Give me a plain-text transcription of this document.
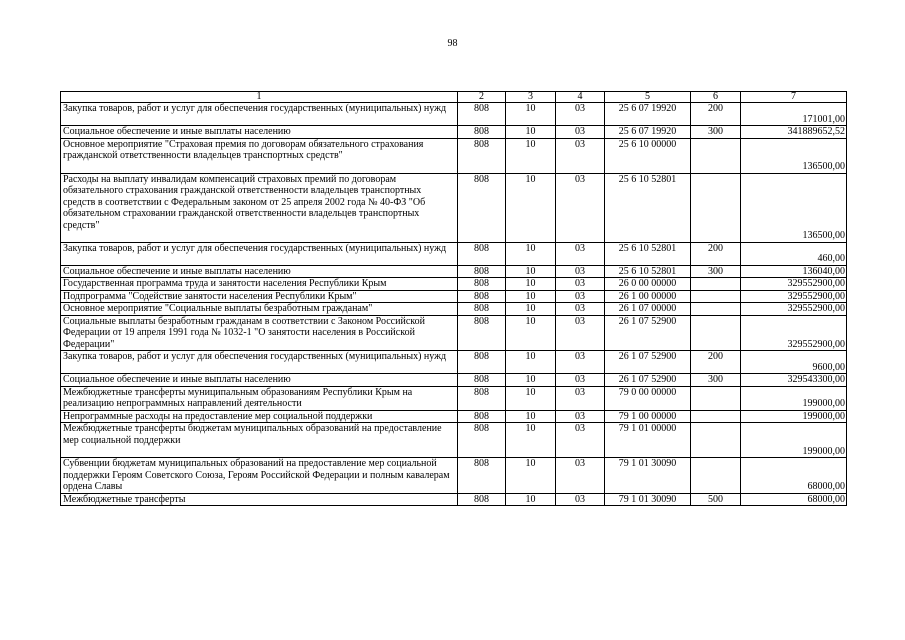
98
1	2	3	4	5	6	7
Закупка товаров, работ и услуг для обеспечения государственных (муниципальных) нужд	808	10	03	25 6 07 19920	200	171001,00
Социальное обеспечение и иные выплаты населению	808	10	03	25 6 07 19920	300	341889652,52
Основное мероприятие "Страховая премия по договорам обязательного страхования гражданской ответственности владельцев транспортных средств"	808	10	03	25 6 10 00000		136500,00
Расходы на выплату инвалидам компенсаций страховых премий по договорам обязательного страхования гражданской ответственности владельцев транспортных средств в соответствии с Федеральным законом от 25 апреля 2002 года № 40-ФЗ "Об обязательном страховании гражданской ответственности владельцев транспортных средств"	808	10	03	25 6 10 52801		136500,00
Закупка товаров, работ и услуг для обеспечения государственных (муниципальных) нужд	808	10	03	25 6 10 52801	200	460,00
Социальное обеспечение и иные выплаты населению	808	10	03	25 6 10 52801	300	136040,00
Государственная программа труда и занятости населения Республики Крым	808	10	03	26 0 00 00000		329552900,00
Подпрограмма "Содействие занятости населения Республики Крым"	808	10	03	26 1 00 00000		329552900,00
Основное мероприятие "Социальные выплаты безработным гражданам"	808	10	03	26 1 07 00000		329552900,00
Социальные выплаты безработным гражданам в соответствии с Законом Российской Федерации от 19 апреля 1991 года № 1032-1 "О занятости населения в Российской Федерации"	808	10	03	26 1 07 52900		329552900,00
Закупка товаров, работ и услуг для обеспечения государственных (муниципальных) нужд	808	10	03	26 1 07 52900	200	9600,00
Социальное обеспечение и иные выплаты населению	808	10	03	26 1 07 52900	300	329543300,00
Межбюджетные трансферты муниципальным образованиям Республики Крым на реализацию непрограммных направлений деятельности	808	10	03	79 0 00 00000		199000,00
Непрограммные расходы на предоставление мер социальной поддержки	808	10	03	79 1 00 00000		199000,00
Межбюджетные трансферты бюджетам муниципальных образований на предоставление мер социальной поддержки	808	10	03	79 1 01 00000		199000,00
Субвенции бюджетам муниципальных образований на предоставление мер социальной поддержки Героям Советского Союза, Героям Российской Федерации и полным кавалерам ордена Славы	808	10	03	79 1 01 30090		68000,00
Межбюджетные трансферты	808	10	03	79 1 01 30090	500	68000,00
